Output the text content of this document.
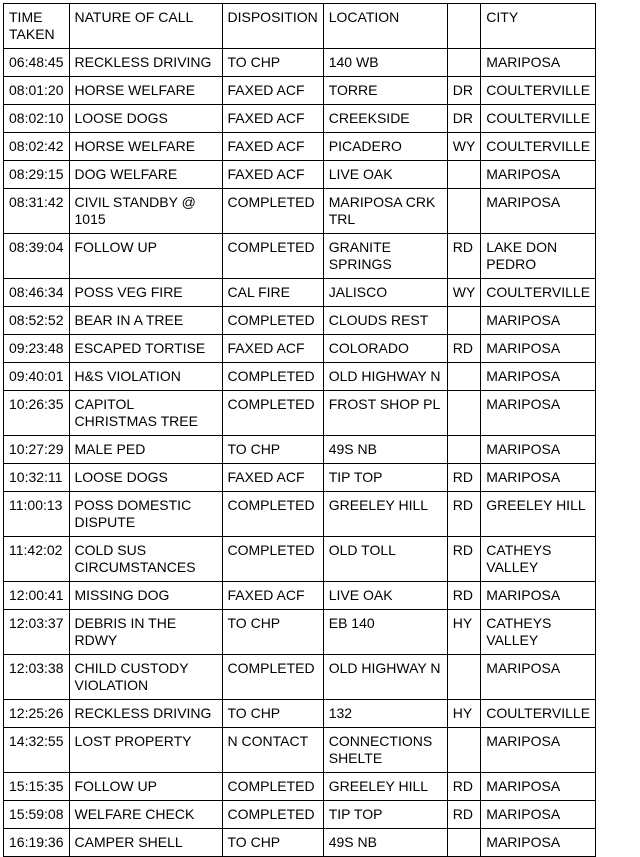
TIME TAKEN	NATURE OF CALL	DISPOSITION	LOCATION		CITY
06:48:45	RECKLESS DRIVING	TO CHP	140 WB		MARIPOSA
08:01:20	HORSE WELFARE	FAXED ACF	TORRE	DR	COULTERVILLE
08:02:10	LOOSE DOGS	FAXED ACF	CREEKSIDE	DR	COULTERVILLE
08:02:42	HORSE WELFARE	FAXED ACF	PICADERO	WY	COULTERVILLE
08:29:15	DOG WELFARE	FAXED ACF	LIVE OAK		MARIPOSA
08:31:42	CIVIL STANDBY @ 1015	COMPLETED	MARIPOSA CRK TRL		MARIPOSA
08:39:04	FOLLOW UP	COMPLETED	GRANITE SPRINGS	RD	LAKE DON PEDRO
08:46:34	POSS VEG FIRE	CAL FIRE	JALISCO	WY	COULTERVILLE
08:52:52	BEAR IN A TREE	COMPLETED	CLOUDS REST		MARIPOSA
09:23:48	ESCAPED TORTISE	FAXED ACF	COLORADO	RD	MARIPOSA
09:40:01	H&S VIOLATION	COMPLETED	OLD HIGHWAY N		MARIPOSA
10:26:35	CAPITOL CHRISTMAS TREE	COMPLETED	FROST SHOP PL		MARIPOSA
10:27:29	MALE PED	TO CHP	49S NB		MARIPOSA
10:32:11	LOOSE DOGS	FAXED ACF	TIP TOP	RD	MARIPOSA
11:00:13	POSS DOMESTIC DISPUTE	COMPLETED	GREELEY HILL	RD	GREELEY HILL
11:42:02	COLD SUS CIRCUMSTANCES	COMPLETED	OLD TOLL	RD	CATHEYS VALLEY
12:00:41	MISSING DOG	FAXED ACF	LIVE OAK	RD	MARIPOSA
12:03:37	DEBRIS IN THE RDWY	TO CHP	EB 140	HY	CATHEYS VALLEY
12:03:38	CHILD CUSTODY VIOLATION	COMPLETED	OLD HIGHWAY N		MARIPOSA
12:25:26	RECKLESS DRIVING	TO CHP	132	HY	COULTERVILLE
14:32:55	LOST PROPERTY	N CONTACT	CONNECTIONS SHELTE		MARIPOSA
15:15:35	FOLLOW UP	COMPLETED	GREELEY HILL	RD	MARIPOSA
15:59:08	WELFARE CHECK	COMPLETED	TIP TOP	RD	MARIPOSA
16:19:36	CAMPER SHELL	TO CHP	49S NB		MARIPOSA
